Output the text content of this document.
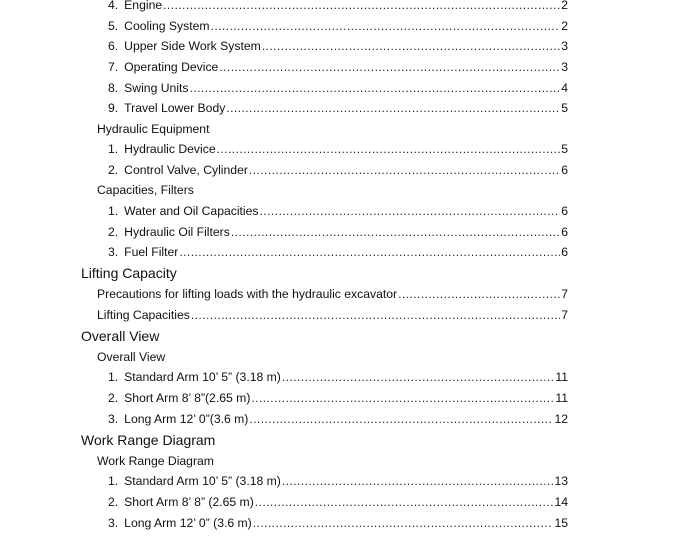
4. Engine .....	2
5. Cooling System .....	2
6. Upper Side Work System .....	3
7. Operating Device .....	3
8. Swing Units .....	4
9. Travel Lower Body .....	5
Hydraulic Equipment
1. Hydraulic Device .....	5
2. Control Valve, Cylinder .....	6
Capacities, Filters
1. Water and Oil Capacities .....	6
2. Hydraulic Oil Filters .....	6
3. Fuel Filter .....	6
Lifting Capacity
Precautions for lifting loads with the hydraulic excavator .....	7
Lifting Capacities .....	7
Overall View
Overall View
1. Standard Arm 10’ 5” (3.18 m) .....	11
2. Short Arm 8’ 8”(2.65 m) .....	11
3. Long Arm 12’ 0”(3.6 m) .....	12
Work Range Diagram
Work Range Diagram
1. Standard Arm 10’ 5” (3.18 m) .....	13
2. Short Arm 8’ 8” (2.65 m) .....	14
3. Long Arm 12’ 0” (3.6 m) .....	15
